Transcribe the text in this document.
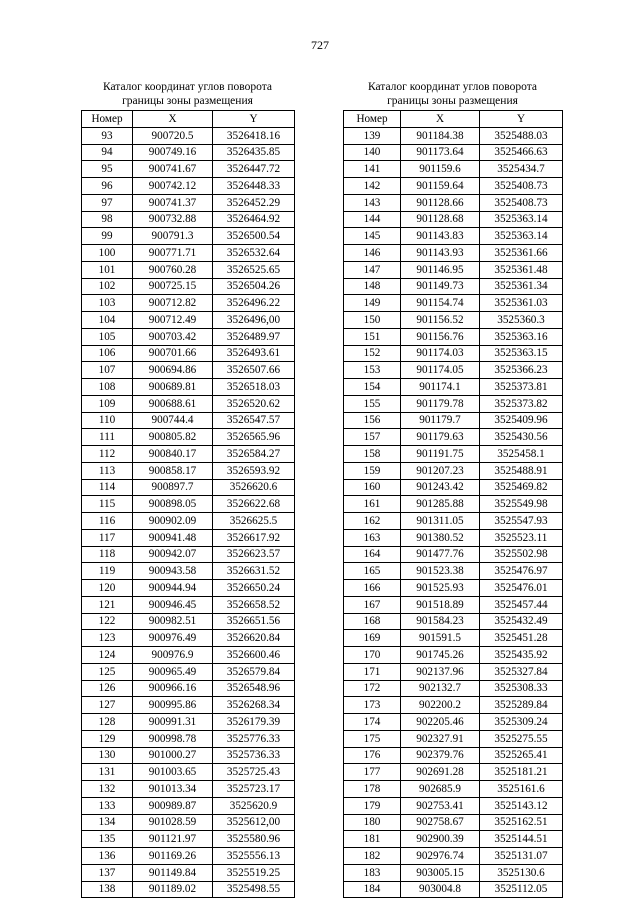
727
Каталог координат углов поворота
границы зоны размещения
Номер	X	Y
93	900720.5	3526418.16
94	900749.16	3526435.85
95	900741.67	3526447.72
96	900742.12	3526448.33
97	900741.37	3526452.29
98	900732.88	3526464.92
99	900791.3	3526500.54
100	900771.71	3526532.64
101	900760.28	3526525.65
102	900725.15	3526504.26
103	900712.82	3526496.22
104	900712.49	3526496,00
105	900703.42	3526489.97
106	900701.66	3526493.61
107	900694.86	3526507.66
108	900689.81	3526518.03
109	900688.61	3526520.62
110	900744.4	3526547.57
111	900805.82	3526565.96
112	900840.17	3526584.27
113	900858.17	3526593.92
114	900897.7	3526620.6
115	900898.05	3526622.68
116	900902.09	3526625.5
117	900941.48	3526617.92
118	900942.07	3526623.57
119	900943.58	3526631.52
120	900944.94	3526650.24
121	900946.45	3526658.52
122	900982.51	3526651.56
123	900976.49	3526620.84
124	900976.9	3526600.46
125	900965.49	3526579.84
126	900966.16	3526548.96
127	900995.86	3526268.34
128	900991.31	3526179.39
129	900998.78	3525776.33
130	901000.27	3525736.33
131	901003.65	3525725.43
132	901013.34	3525723.17
133	900989.87	3525620.9
134	901028.59	3525612,00
135	901121.97	3525580.96
136	901169.26	3525556.13
137	901149.84	3525519.25
138	901189.02	3525498.55
Каталог координат углов поворота
границы зоны размещения
Номер	X	Y
139	901184.38	3525488.03
140	901173.64	3525466.63
141	901159.6	3525434.7
142	901159.64	3525408.73
143	901128.66	3525408.73
144	901128.68	3525363.14
145	901143.83	3525363.14
146	901143.93	3525361.66
147	901146.95	3525361.48
148	901149.73	3525361.34
149	901154.74	3525361.03
150	901156.52	3525360.3
151	901156.76	3525363.16
152	901174.03	3525363.15
153	901174.05	3525366.23
154	901174.1	3525373.81
155	901179.78	3525373.82
156	901179.7	3525409.96
157	901179.63	3525430.56
158	901191.75	3525458.1
159	901207.23	3525488.91
160	901243.42	3525469.82
161	901285.88	3525549.98
162	901311.05	3525547.93
163	901380.52	3525523.11
164	901477.76	3525502.98
165	901523.38	3525476.97
166	901525.93	3525476.01
167	901518.89	3525457.44
168	901584.23	3525432.49
169	901591.5	3525451.28
170	901745.26	3525435.92
171	902137.96	3525327.84
172	902132.7	3525308.33
173	902200.2	3525289.84
174	902205.46	3525309.24
175	902327.91	3525275.55
176	902379.76	3525265.41
177	902691.28	3525181.21
178	902685.9	3525161.6
179	902753.41	3525143.12
180	902758.67	3525162.51
181	902900.39	3525144.51
182	902976.74	3525131.07
183	903005.15	3525130.6
184	903004.8	3525112.05
